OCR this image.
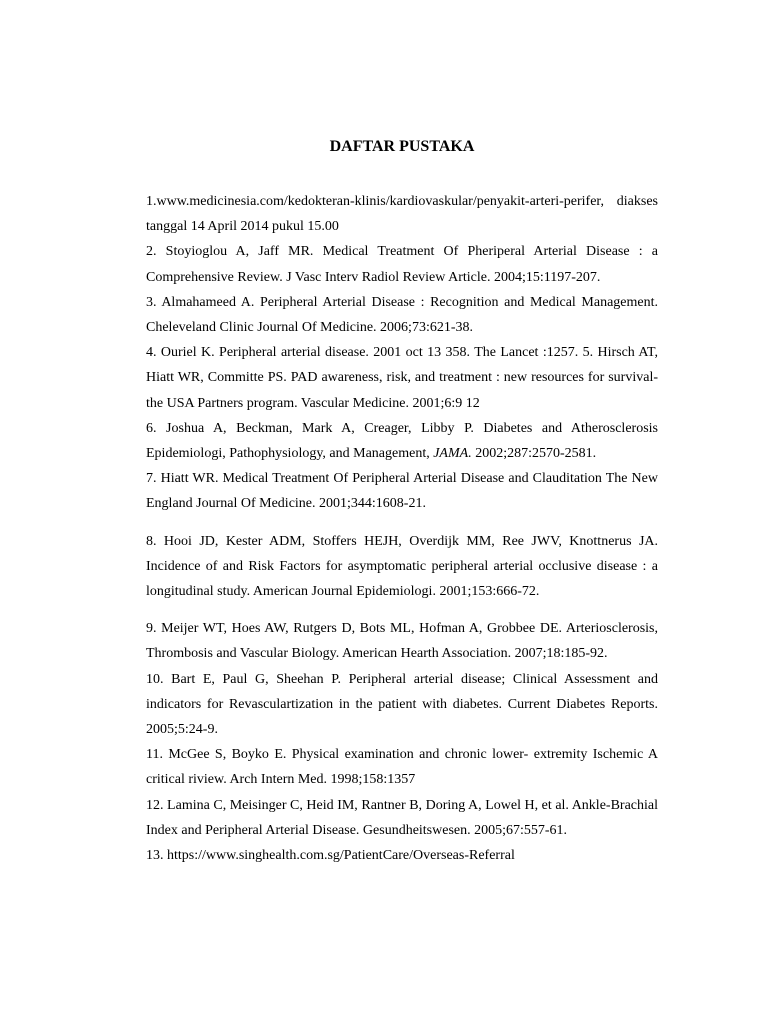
DAFTAR PUSTAKA

1.www.medicinesia.com/kedokteran-klinis/kardiovaskular/penyakit-arteri-perifer, diakses tanggal 14 April 2014 pukul 15.00

2. Stoyioglou A, Jaff MR. Medical Treatment Of Pheriperal Arterial Disease : a Comprehensive Review. J Vasc Interv Radiol Review Article. 2004;15:1197-207.

3. Almahameed A. Peripheral Arterial Disease : Recognition and Medical Management. Cheleveland Clinic Journal Of Medicine. 2006;73:621-38.

4. Ouriel K. Peripheral arterial disease. 2001 oct 13 358. The Lancet :1257. 5. Hirsch AT, Hiatt WR, Committe PS. PAD awareness, risk, and treatment : new resources for survival-the USA Partners program. Vascular Medicine. 2001;6:9 12

6. Joshua A, Beckman, Mark A, Creager, Libby P. Diabetes and Atherosclerosis Epidemiologi, Pathophysiology, and Management, JAMA. 2002;287:2570-2581.

7. Hiatt WR. Medical Treatment Of Peripheral Arterial Disease and Clauditation The New England Journal Of Medicine. 2001;344:1608-21.

8. Hooi JD, Kester ADM, Stoffers HEJH, Overdijk MM, Ree JWV, Knottnerus JA. Incidence of and Risk Factors for asymptomatic peripheral arterial occlusive disease : a longitudinal study. American Journal Epidemiologi. 2001;153:666-72.

9. Meijer WT, Hoes AW, Rutgers D, Bots ML, Hofman A, Grobbee DE. Arteriosclerosis, Thrombosis and Vascular Biology. American Hearth Association. 2007;18:185-92.

10. Bart E, Paul G, Sheehan P. Peripheral arterial disease; Clinical Assessment and indicators for Revasculartization in the patient with diabetes. Current Diabetes Reports. 2005;5:24-9.

11. McGee S, Boyko E. Physical examination and chronic lower- extremity Ischemic A critical riview. Arch Intern Med. 1998;158:1357

12. Lamina C, Meisinger C, Heid IM, Rantner B, Doring A, Lowel H, et al. Ankle-Brachial Index and Peripheral Arterial Disease. Gesundheitswesen. 2005;67:557-61.

13. https://www.singhealth.com.sg/PatientCare/Overseas-Referral
